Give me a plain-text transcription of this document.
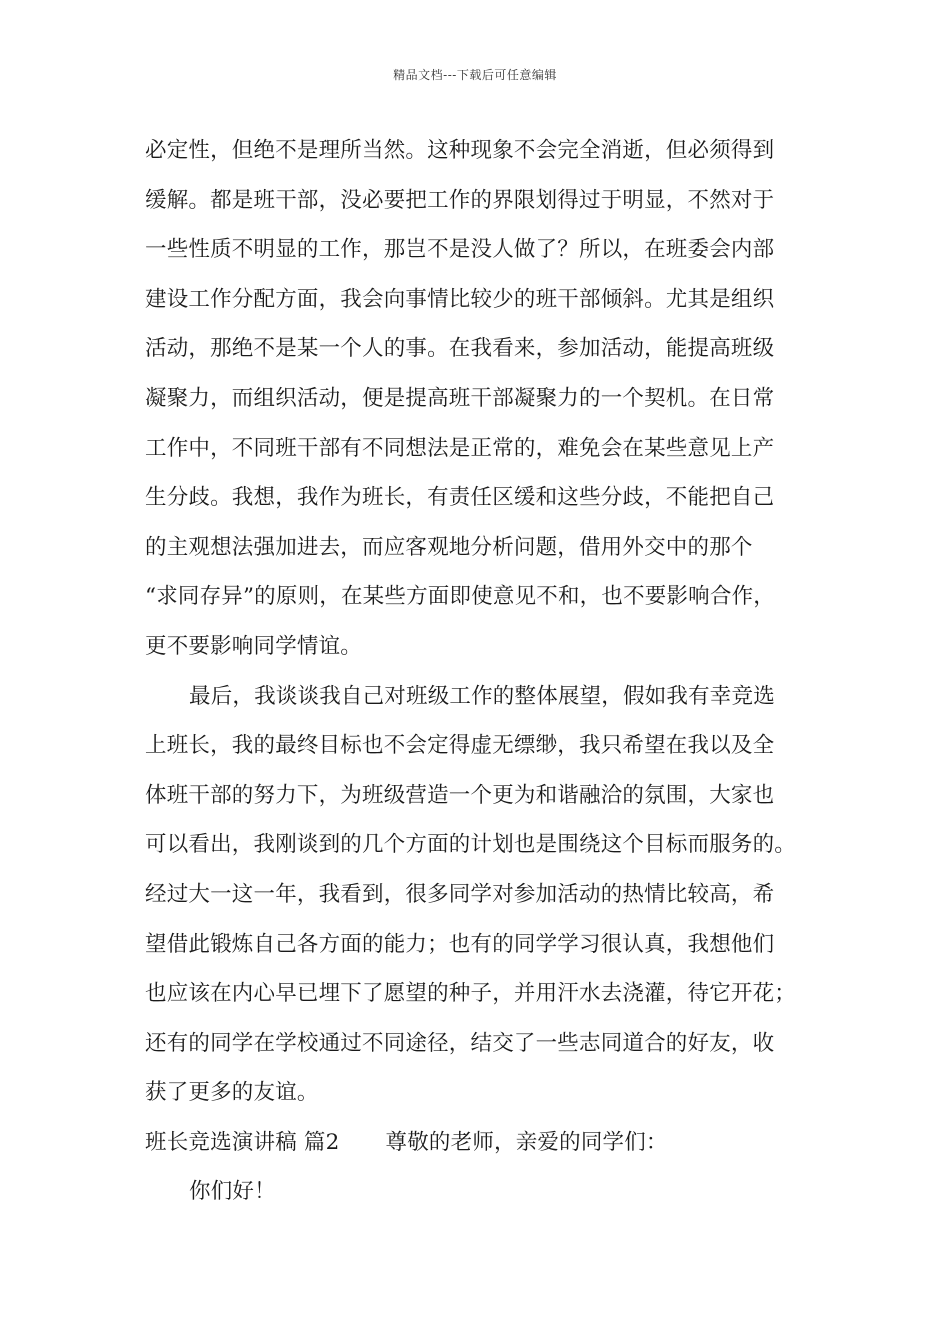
精品文档---下载后可任意编辑
必定性，但绝不是理所当然。这种现象不会完全消逝，但必须得到
缓解。都是班干部，没必要把工作的界限划得过于明显，不然对于
一些性质不明显的工作，那岂不是没人做了？所以，在班委会内部
建设工作分配方面，我会向事情比较少的班干部倾斜。尤其是组织
活动，那绝不是某一个人的事。在我看来，参加活动，能提高班级
凝聚力，而组织活动，便是提高班干部凝聚力的一个契机。在日常
工作中，不同班干部有不同想法是正常的，难免会在某些意见上产
生分歧。我想，我作为班长，有责任区缓和这些分歧，不能把自己
的主观想法强加进去，而应客观地分析问题，借用外交中的那个
“求同存异”的原则，在某些方面即使意见不和，也不要影响合作，
更不要影响同学情谊。
最后，我谈谈我自己对班级工作的整体展望，假如我有幸竞选
上班长，我的最终目标也不会定得虚无缥缈，我只希望在我以及全
体班干部的努力下，为班级营造一个更为和谐融洽的氛围，大家也
可以看出，我刚谈到的几个方面的计划也是围绕这个目标而服务的。
经过大一这一年，我看到，很多同学对参加活动的热情比较高，希
望借此锻炼自己各方面的能力；也有的同学学习很认真，我想他们
也应该在内心早已埋下了愿望的种子，并用汗水去浇灌，待它开花；
还有的同学在学校通过不同途径，结交了一些志同道合的好友，收
获了更多的友谊。
班长竞选演讲稿 篇2 尊敬的老师，亲爱的同学们：
你们好！
